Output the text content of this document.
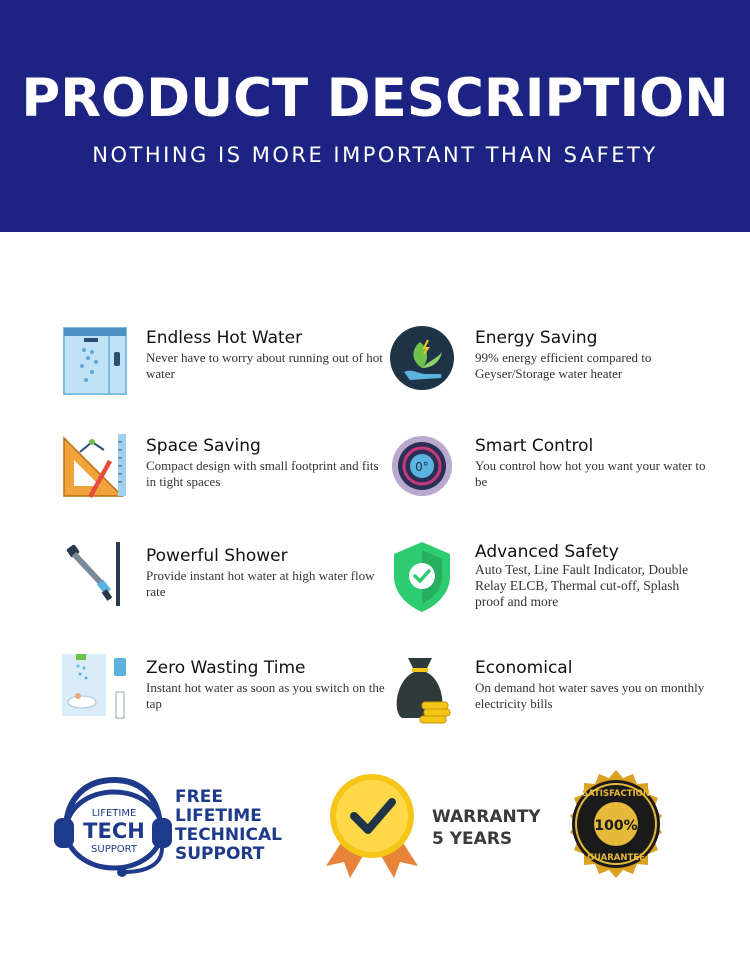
PRODUCT DESCRIPTION
NOTHING IS MORE IMPORTANT THAN SAFETY
Endless Hot Water
Never have to worry about running out of hot water
Energy Saving
99% energy efficient compared to Geyser/Storage water heater
Space Saving
Compact design with small footprint and fits in tight spaces
0°
Smart Control
You control how hot you want your water to be
Powerful Shower
Provide instant hot water at high water flow rate
Advanced Safety
Auto Test, Line Fault Indicator, Double Relay ELCB, Thermal cut-off, Splash proof and more
Zero Wasting Time
Instant hot water as soon as you switch on the tap
Economical
On demand hot water saves you on monthly electricity bills
LIFETIME
TECH
SUPPORT
FREE
LIFETIME
TECHNICAL
SUPPORT
WARRANTY
5 YEARS
100%
SATISFACTION
GUARANTEE
